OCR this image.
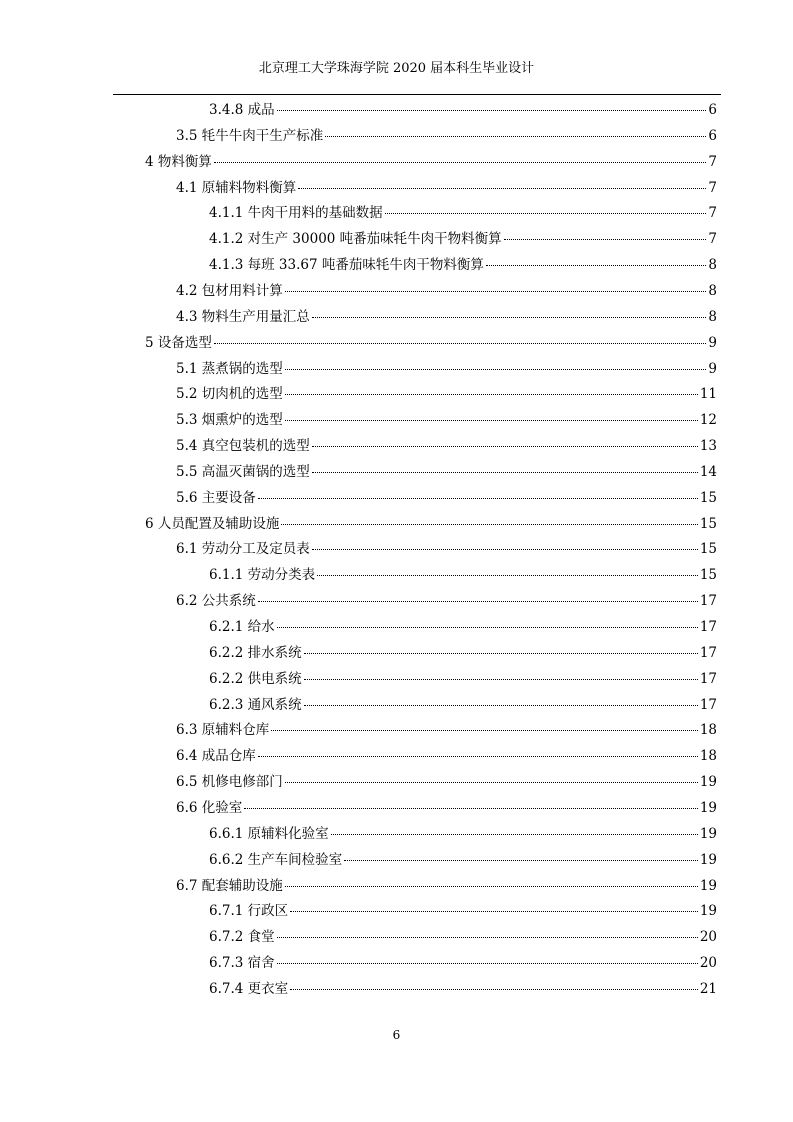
北京理工大学珠海学院 2020 届本科生毕业设计
3.4.8 成品	6
3.5 牦牛牛肉干生产标准	6
4 物料衡算	7
4.1 原辅料物料衡算	7
4.1.1 牛肉干用料的基础数据	7
4.1.2 对生产 30000 吨番茄味牦牛肉干物料衡算	7
4.1.3 每班 33.67 吨番茄味牦牛肉干物料衡算	8
4.2 包材用料计算	8
4.3 物料生产用量汇总	8
5 设备选型	9
5.1 蒸煮锅的选型	9
5.2 切肉机的选型	11
5.3 烟熏炉的选型	12
5.4 真空包装机的选型	13
5.5 高温灭菌锅的选型	14
5.6 主要设备	15
6 人员配置及辅助设施	15
6.1 劳动分工及定员表	15
6.1.1 劳动分类表	15
6.2 公共系统	17
6.2.1 给水	17
6.2.2 排水系统	17
6.2.2 供电系统	17
6.2.3 通风系统	17
6.3 原辅料仓库	18
6.4 成品仓库	18
6.5 机修电修部门	19
6.6 化验室	19
6.6.1 原辅料化验室	19
6.6.2 生产车间检验室	19
6.7 配套辅助设施	19
6.7.1 行政区	19
6.7.2 食堂	20
6.7.3 宿舍	20
6.7.4 更衣室	21
6
